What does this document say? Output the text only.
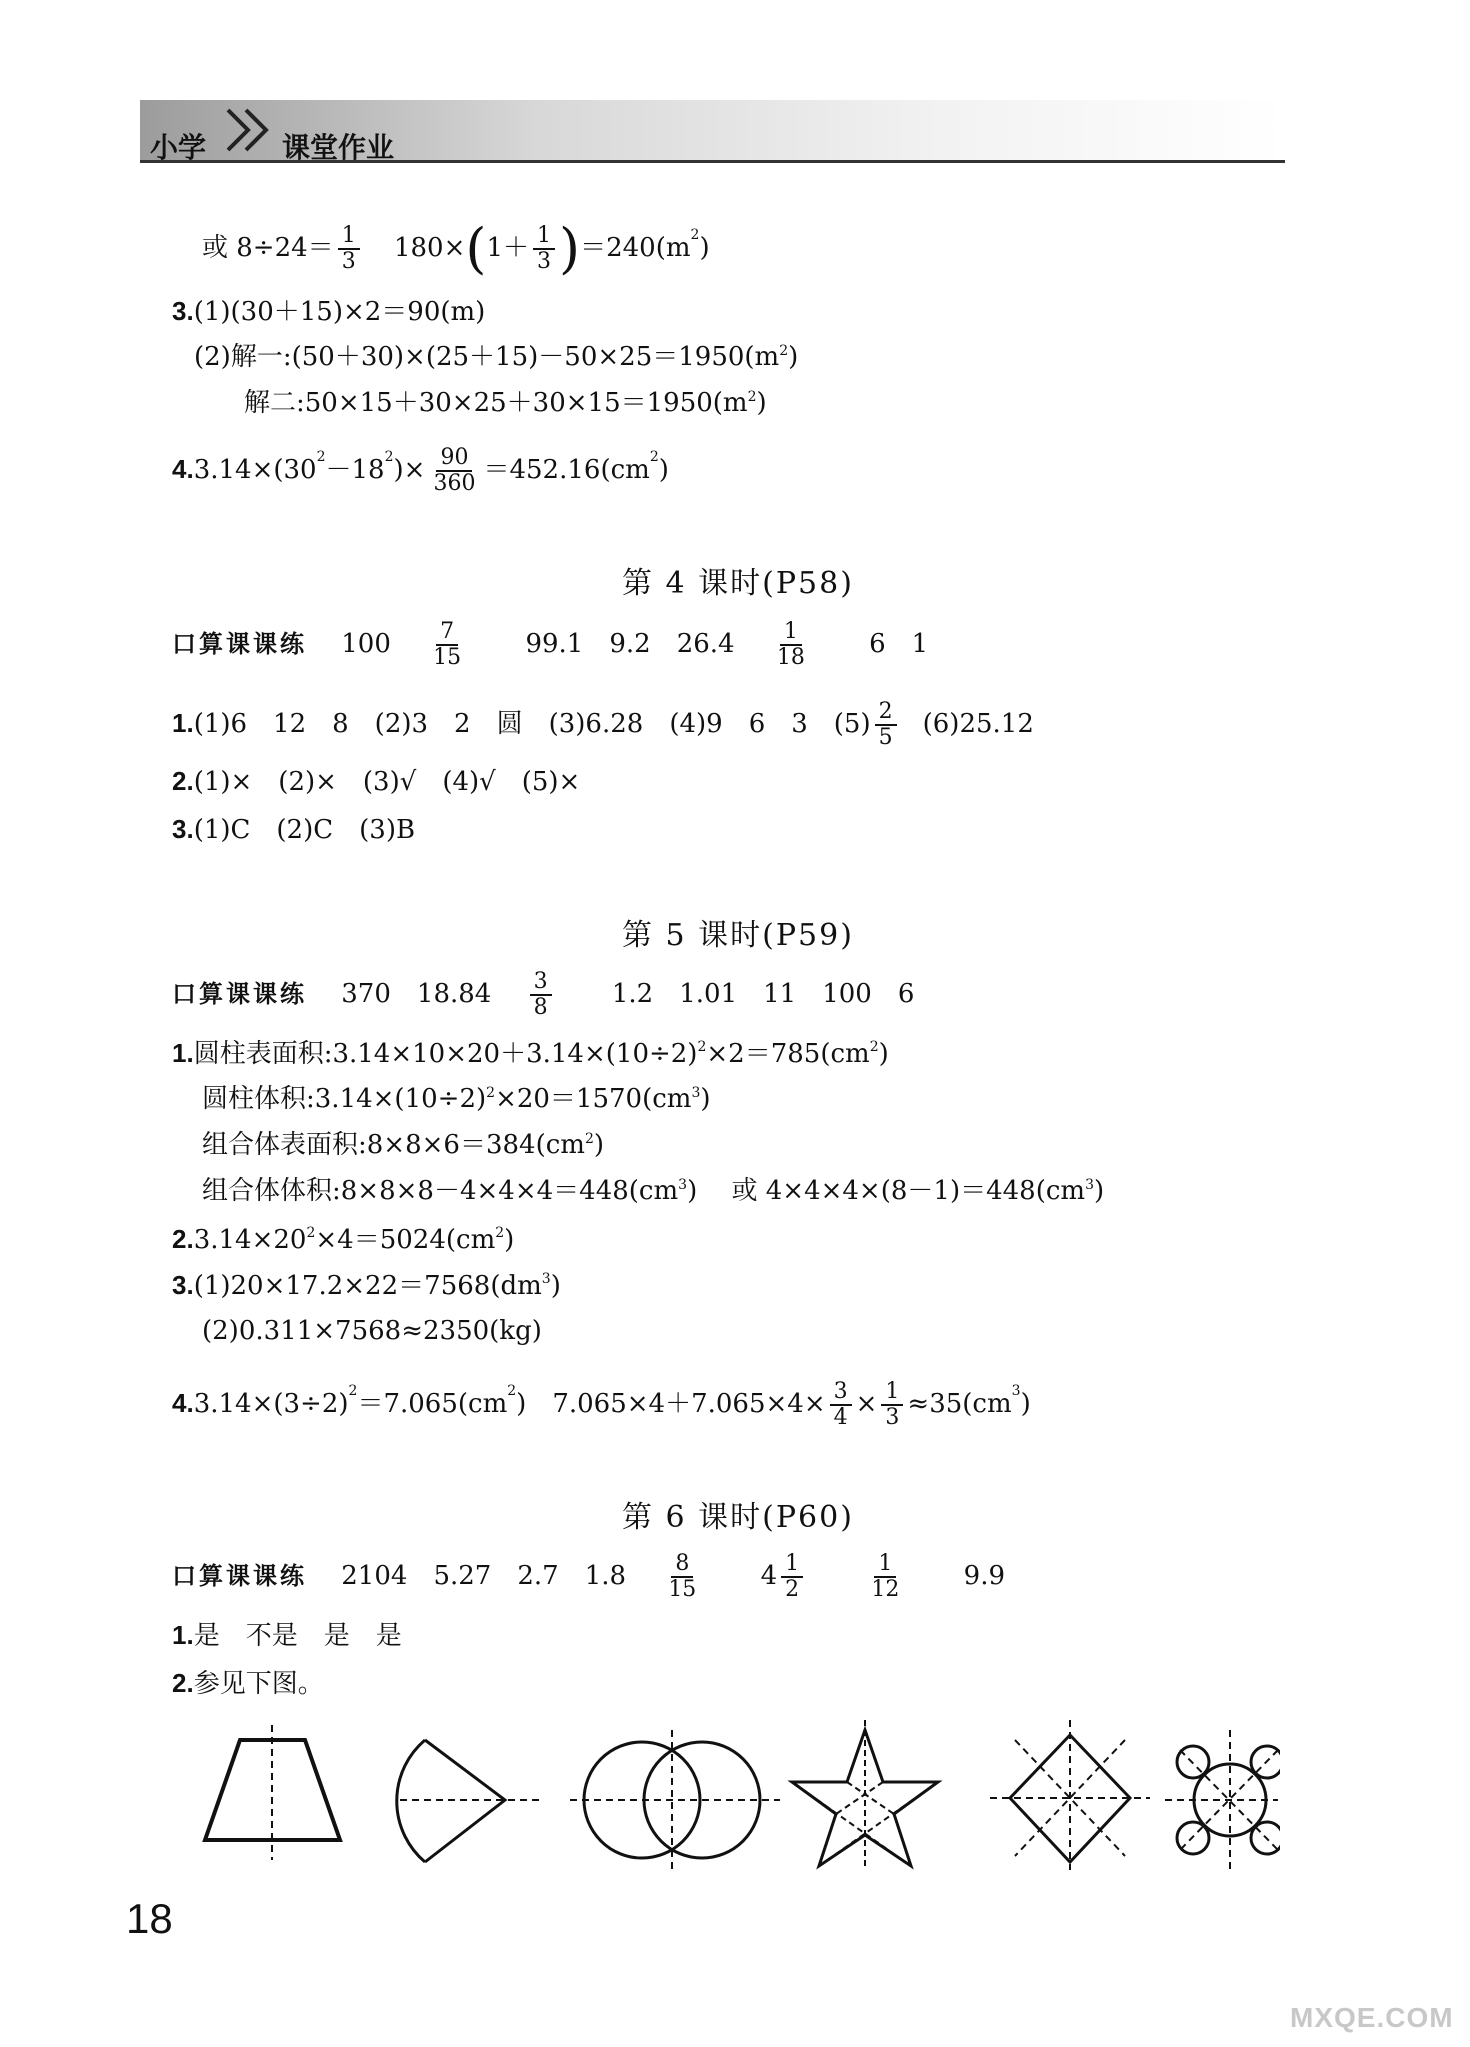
小学	课堂作业
或 $8\div 24= \frac{1}{3} 180\times(1+ \frac{1}{3} )=240(m^2)$
3.(1)(30＋15)×2＝90(m)
(2)解一$:(50+30)\times(25+15)-50\times 25=1950(m^2)$
解二$:50\times 15+30\times 25+30\times 15=1950(m^2)$
$4.3.14\times(30^2-18^2)\times \frac{90}{360} =452.16(cm^2)$
第 4 课时(P58)
口算课课练 $100 \frac{7}{15} 99.1$ 9.2 $26.4 \frac{1}{18} 6$ 1
1.(1)6　12　8　(2)3　2　圆　(3)6.28　(4)9　6　3　$(5) \frac{2}{5} (6)25.12$
2.(1)×　(2)×　(3)√　(4)√　(5)×
3.(1)C　(2)C　(3)B
第 5 课时(P59)
口算课课练 370 $18.84 \frac{3}{8} 1.2$ 1.01 11 100 6
1.圆柱表面积$:3.14\times 10\times 20+3.14\times(10\div 2)^2\times 2=785(cm^2)$
圆柱体积$:3.14\times(10\div 2)^2\times 20=1570(cm^3)$
组合体表面积$:8\times 8\times 6=384(cm^2)$
组合体体积$:8\times 8\times 8-4\times 4\times 4=448(cm^3)$　 或 $4\times 4\times 4\times(8-1)=448(cm^3)$
$2.3.14\times 20^2\times 4=5024(cm^2)$
$3.(1)20\times 17.2\times 22=7568(dm^3)$
(2)0.311×7568≈2350(kg)
$4.3.14\times(3\div 2)^2=7.065(cm^2)$　$7.065\times 4+7.065\times 4\times \frac{3}{4} \times \frac{1}{3} \approx 35(cm^3)$
第 6 课时(P60)
口算课课练 2104 5.27 2.7 $1.8 \frac{8}{15} 4 \frac{1}{2}$
$\frac{1}{12} 9.9$
1.是　不是　是　是
2.参见下图。
18
MXQE.COM
